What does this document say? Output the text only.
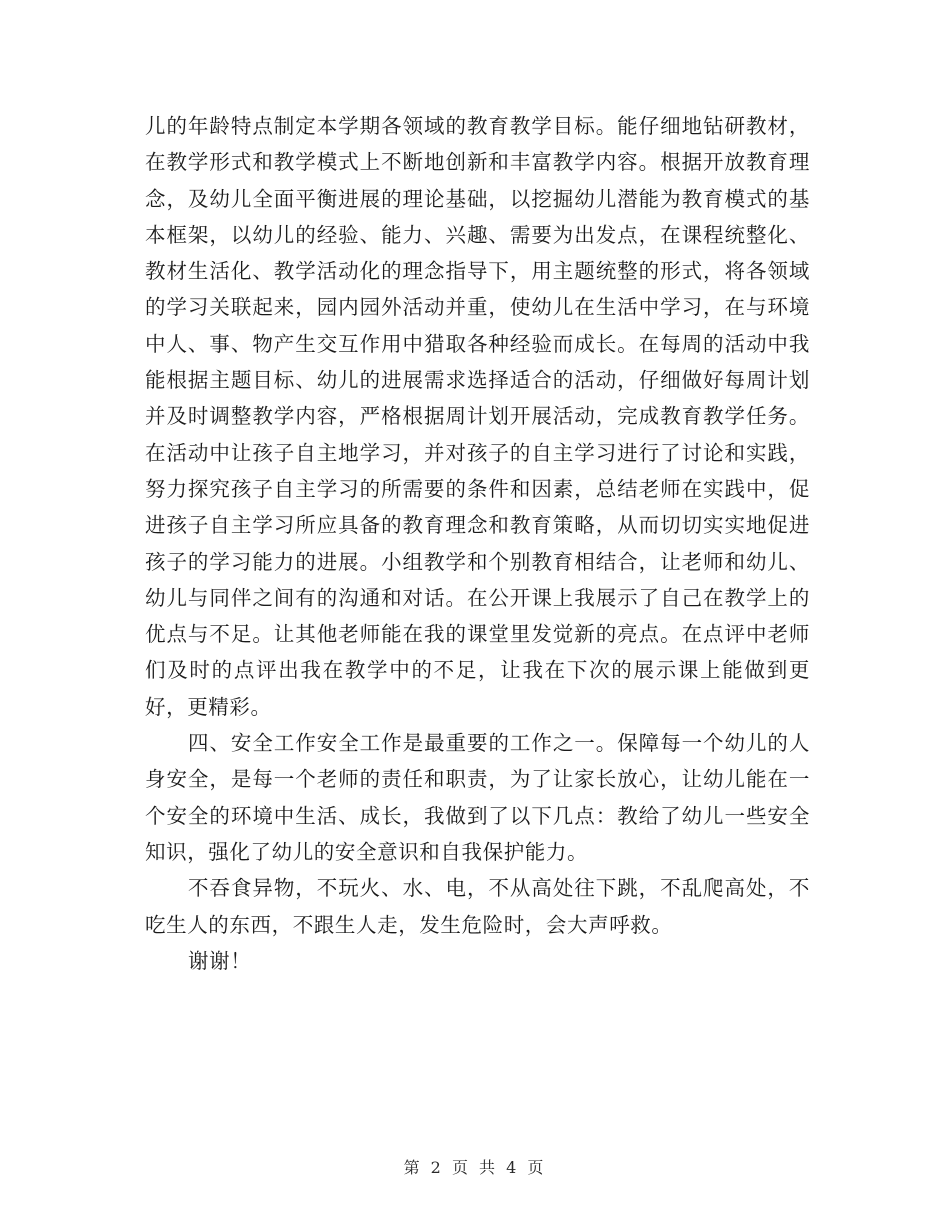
儿的年龄特点制定本学期各领域的教育教学目标。能仔细地钻研教材，在教学形式和教学模式上不断地创新和丰富教学内容。根据开放教育理念，及幼儿全面平衡进展的理论基础，以挖掘幼儿潜能为教育模式的基本框架，以幼儿的经验、能力、兴趣、需要为出发点，在课程统整化、教材生活化、教学活动化的理念指导下，用主题统整的形式，将各领域的学习关联起来，园内园外活动并重，使幼儿在生活中学习，在与环境中人、事、物产生交互作用中猎取各种经验而成长。在每周的活动中我能根据主题目标、幼儿的进展需求选择适合的活动，仔细做好每周计划并及时调整教学内容，严格根据周计划开展活动，完成教育教学任务。在活动中让孩子自主地学习，并对孩子的自主学习进行了讨论和实践，努力探究孩子自主学习的所需要的条件和因素，总结老师在实践中，促进孩子自主学习所应具备的教育理念和教育策略，从而切切实实地促进孩子的学习能力的进展。小组教学和个别教育相结合，让老师和幼儿、幼儿与同伴之间有的沟通和对话。在公开课上我展示了自己在教学上的优点与不足。让其他老师能在我的课堂里发觉新的亮点。在点评中老师们及时的点评出我在教学中的不足，让我在下次的展示课上能做到更好，更精彩。

四、安全工作安全工作是最重要的工作之一。保障每一个幼儿的人身安全，是每一个老师的责任和职责，为了让家长放心，让幼儿能在一个安全的环境中生活、成长，我做到了以下几点：教给了幼儿一些安全知识，强化了幼儿的安全意识和自我保护能力。

不吞食异物，不玩火、水、电，不从高处往下跳，不乱爬高处，不吃生人的东西，不跟生人走，发生危险时，会大声呼救。

谢谢！

第 2 页 共 4 页
